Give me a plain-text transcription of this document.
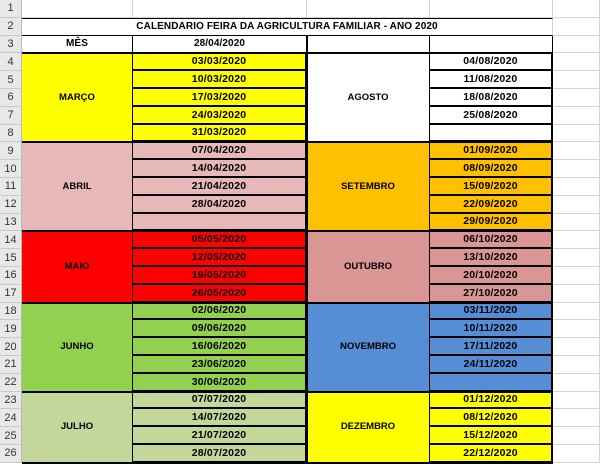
1
2
3
4
5
6
7
8
9
10
11
12
13
14
15
16
17
18
19
20
21
22
23
24
25
26
CALENDARIO FEIRA DA AGRICULTURA FAMILIAR - ANO 2020
MÊS	28/04/2020
MARÇO
03/03/2020
10/03/2020
17/03/2020
24/03/2020
31/03/2020
ABRIL
07/04/2020
14/04/2020
21/04/2020
28/04/2020
MAIO
05/05/2020
12/05/2020
19/05/2020
26/05/2020
JUNHO
02/06/2020
09/06/2020
16/06/2020
23/06/2020
30/06/2020
JULHO
07/07/2020
14/07/2020
21/07/2020
28/07/2020
AGOSTO
04/08/2020
11/08/2020
18/08/2020
25/08/2020
SETEMBRO
01/09/2020
08/09/2020
15/09/2020
22/09/2020
29/09/2020
OUTUBRO
06/10/2020
13/10/2020
20/10/2020
27/10/2020
NOVEMBRO
03/11/2020
10/11/2020
17/11/2020
24/11/2020
DEZEMBRO
01/12/2020
08/12/2020
15/12/2020
22/12/2020
